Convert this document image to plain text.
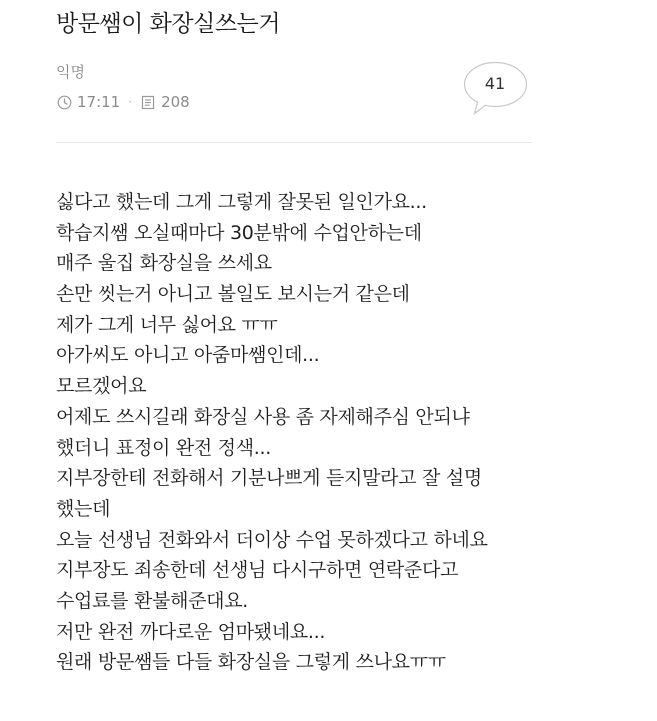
방문쌤이 화장실쓰는거
익명
17:11 · 208
41
싫다고 했는데 그게 그렇게 잘못된 일인가요...
학습지쌤 오실때마다 30분밖에 수업안하는데
매주 울집 화장실을 쓰세요
손만 씻는거 아니고 볼일도 보시는거 같은데
제가 그게 너무 싫어요 ㅠㅠ
아가씨도 아니고 아줌마쌤인데...
모르겠어요
어제도 쓰시길래 화장실 사용 좀 자제해주심 안되냐
했더니 표정이 완전 정색...
지부장한테 전화해서 기분나쁘게 듣지말라고 잘 설명
했는데
오늘 선생님 전화와서 더이상 수업 못하겠다고 하네요
지부장도 죄송한데 선생님 다시구하면 연락준다고
수업료를 환불해준대요.
저만 완전 까다로운 엄마됐네요...
원래 방문쌤들 다들 화장실을 그렇게 쓰나요ㅠㅠ
